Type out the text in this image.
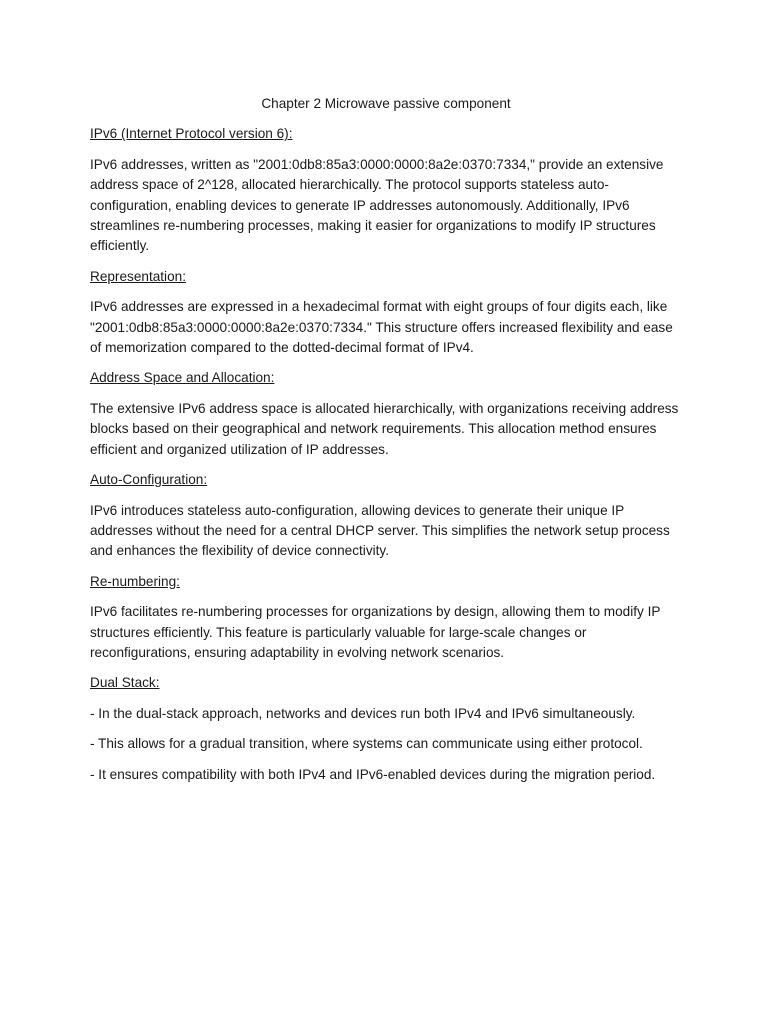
Chapter 2 Microwave passive component

IPv6 (Internet Protocol version 6):

IPv6 addresses, written as "2001:0db8:85a3:0000:0000:8a2e:0370:7334," provide an extensive address space of 2^128, allocated hierarchically. The protocol supports stateless auto-configuration, enabling devices to generate IP addresses autonomously. Additionally, IPv6 streamlines re-numbering processes, making it easier for organizations to modify IP structures efficiently.

Representation:

IPv6 addresses are expressed in a hexadecimal format with eight groups of four digits each, like "2001:0db8:85a3:0000:0000:8a2e:0370:7334." This structure offers increased flexibility and ease of memorization compared to the dotted-decimal format of IPv4.

Address Space and Allocation:

The extensive IPv6 address space is allocated hierarchically, with organizations receiving address blocks based on their geographical and network requirements. This allocation method ensures efficient and organized utilization of IP addresses.

Auto-Configuration:

IPv6 introduces stateless auto-configuration, allowing devices to generate their unique IP addresses without the need for a central DHCP server. This simplifies the network setup process and enhances the flexibility of device connectivity.

Re-numbering:

IPv6 facilitates re-numbering processes for organizations by design, allowing them to modify IP structures efficiently. This feature is particularly valuable for large-scale changes or reconfigurations, ensuring adaptability in evolving network scenarios.

Dual Stack:

- In the dual-stack approach, networks and devices run both IPv4 and IPv6 simultaneously.

- This allows for a gradual transition, where systems can communicate using either protocol.

- It ensures compatibility with both IPv4 and IPv6-enabled devices during the migration period.
